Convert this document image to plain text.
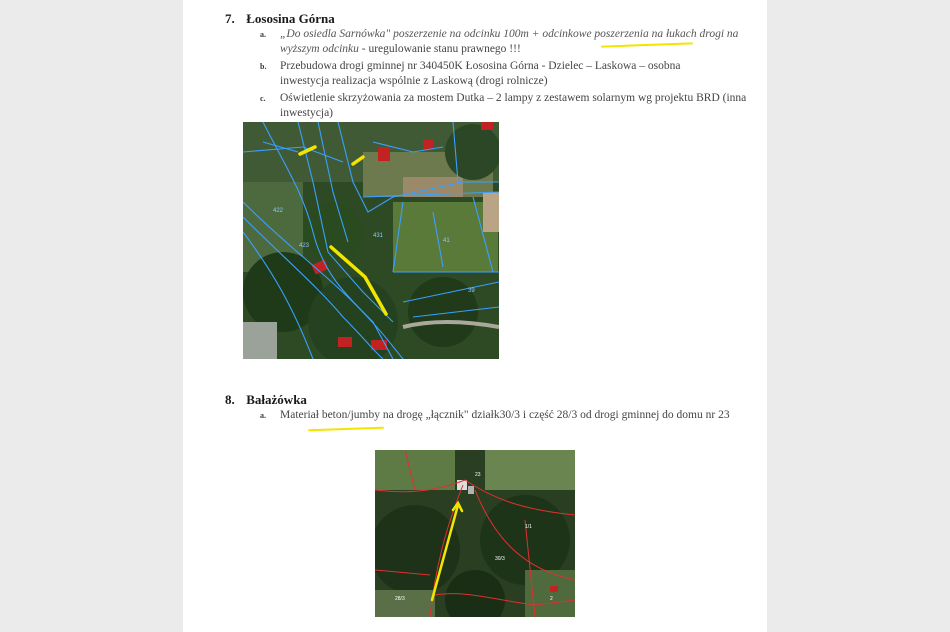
7. Łososina Górna
a. „Do osiedla Sarnówka" poszerzenie na odcinku 100m + odcinkowe poszerzenia na łukach drogi na wyższym odcinku - uregulowanie stanu prawnego !!!
b. Przebudowa drogi gminnej nr 340450K Łososina Górna - Dzielec – Laskowa – osobna inwestycja realizacja wspólnie z Laskową (drogi rolnicze)
c. Oświetlenie skrzyżowania za mostem Dutka – 2 lampy z zestawem solarnym wg projektu BRD (inna inwestycja)
423
431
422
41
39
8. Bałażówka
a. Materiał beton/jumby na drogę „łącznik" działk30/3 i część 28/3 od drogi gminnej do domu nr 23
28/3
30/3
23
1/1
2
